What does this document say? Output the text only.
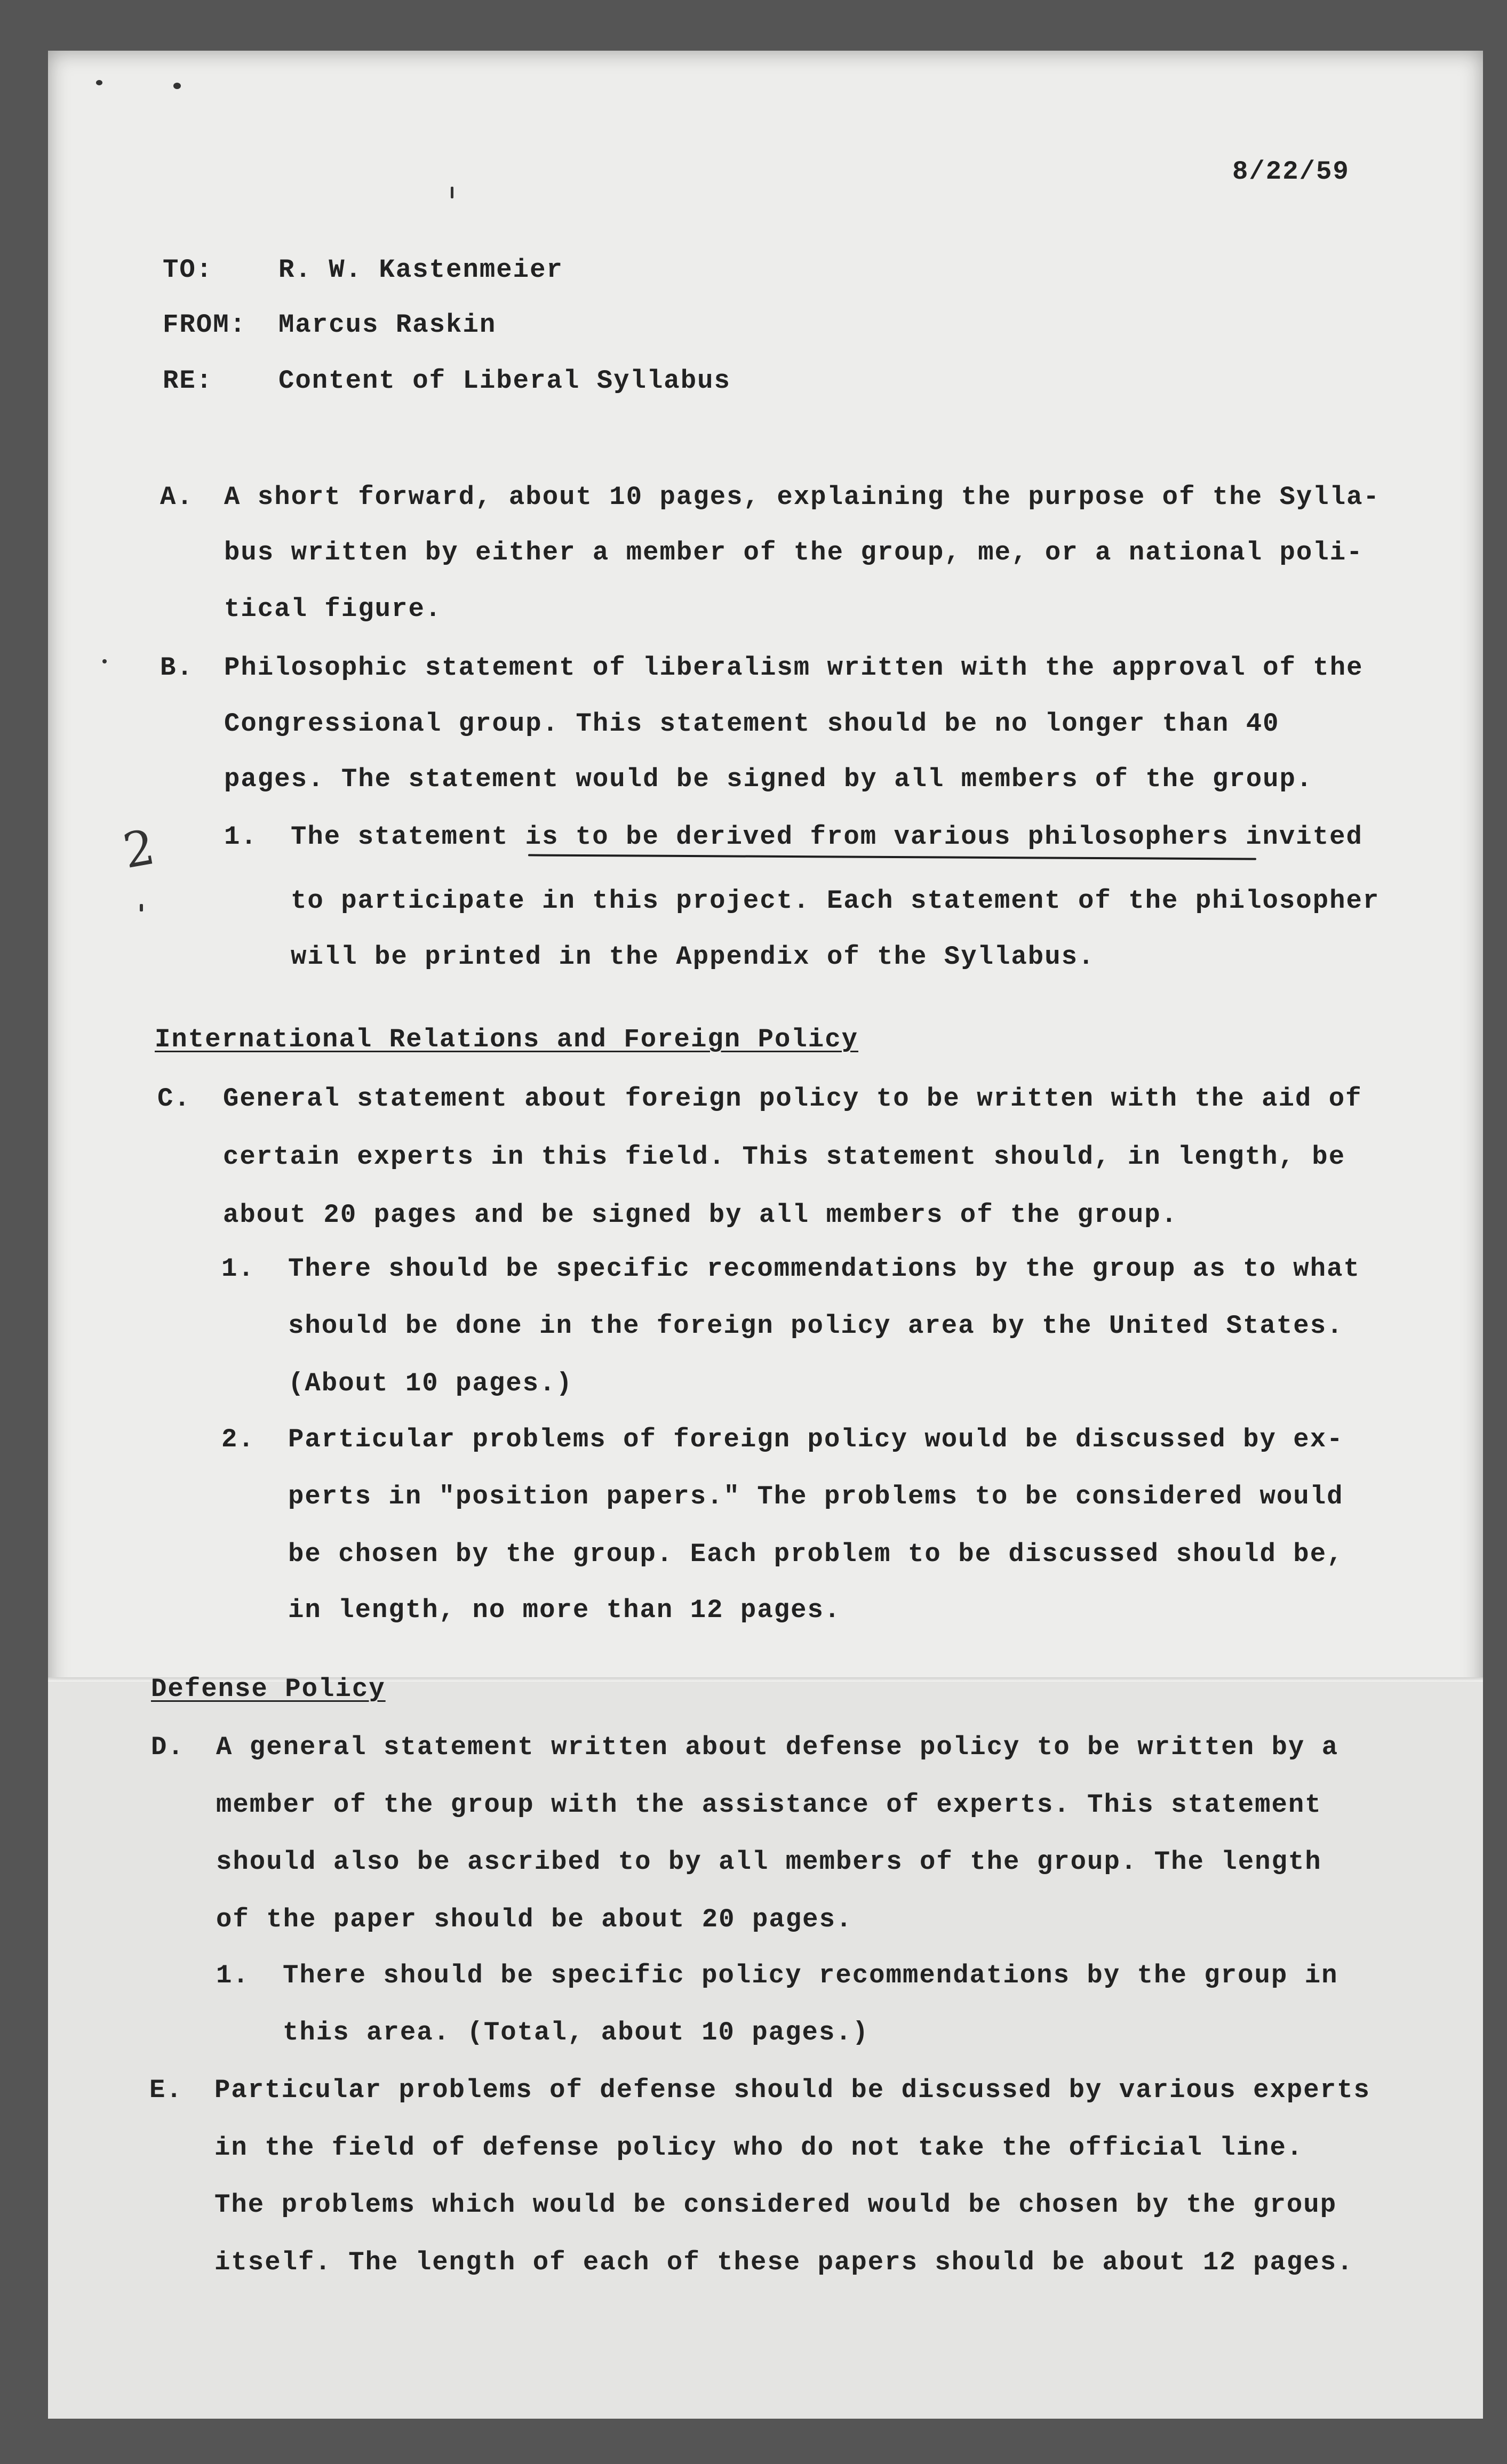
8/22/59
TO:	R. W. Kastenmeier
FROM: Marcus Raskin
RE:	Content of Liberal Syllabus
A. A short forward, about 10 pages, explaining the purpose of the Sylla-
bus written by either a member of the group, me, or a national poli-
tical figure.
B. Philosophic statement of liberalism written with the approval of the
Congressional group. This statement should be no longer than 40
pages. The statement would be signed by all members of the group.
2 1. The statement is to be derived from various philosophers invited
to participate in this project. Each statement of the philosopher
will be printed in the Appendix of the Syllabus.
International Relations and Foreign Policy
C. General statement about foreign policy to be written with the aid of
certain experts in this field. This statement should, in length, be
about 20 pages and be signed by all members of the group.
1. There should be specific recommendations by the group as to what
should be done in the foreign policy area by the United States.
(About 10 pages.)
2. Particular problems of foreign policy would be discussed by ex-
perts in "position papers." The problems to be considered would
be chosen by the group. Each problem to be discussed should be,
in length, no more than 12 pages.
Defense Policy
D. A general statement written about defense policy to be written by a
member of the group with the assistance of experts. This statement
should also be ascribed to by all members of the group. The length
of the paper should be about 20 pages.
1. There should be specific policy recommendations by the group in
this area. (Total, about 10 pages.)
E. Particular problems of defense should be discussed by various experts
in the field of defense policy who do not take the official line.
The problems which would be considered would be chosen by the group
itself. The length of each of these papers should be about 12 pages.
